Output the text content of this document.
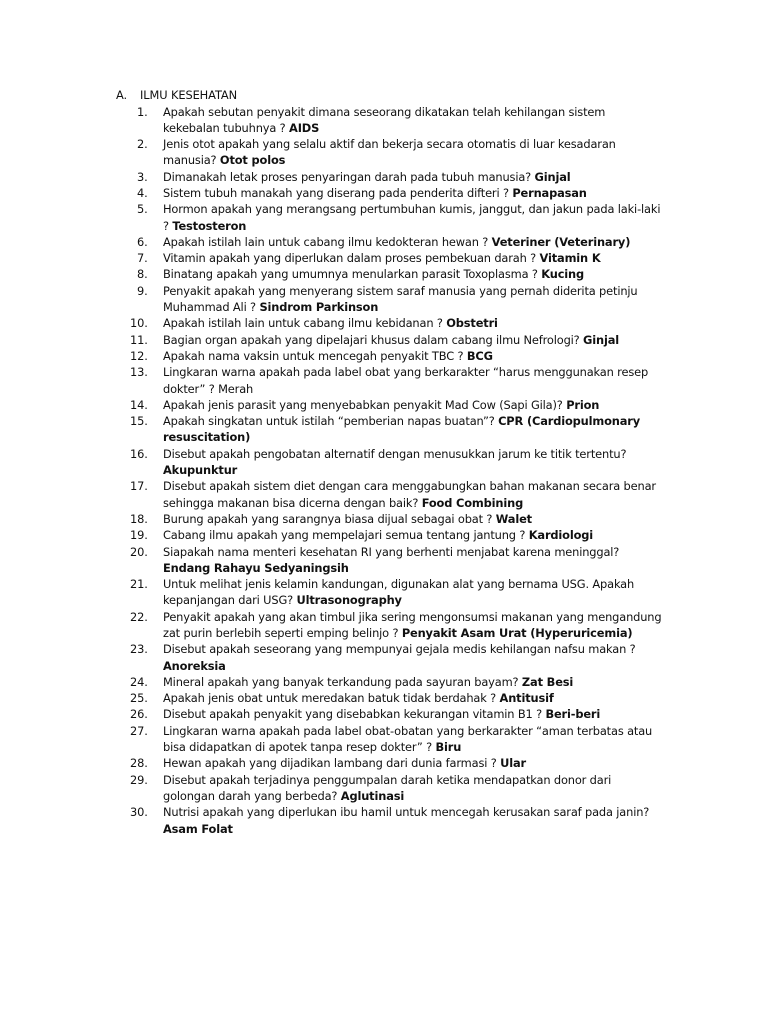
A. ILMU KESEHATAN
1.	Apakah sebutan penyakit dimana seseorang dikatakan telah kehilangan sistem
kekebalan tubuhnya ? AIDS
2.	Jenis otot apakah yang selalu aktif dan bekerja secara otomatis di luar kesadaran
manusia? Otot polos
3.	Dimanakah letak proses penyaringan darah pada tubuh manusia? Ginjal
4.	Sistem tubuh manakah yang diserang pada penderita difteri ? Pernapasan
5.	Hormon apakah yang merangsang pertumbuhan kumis, janggut, dan jakun pada laki-laki
? Testosteron
6.	Apakah istilah lain untuk cabang ilmu kedokteran hewan ? Veteriner (Veterinary)
7.	Vitamin apakah yang diperlukan dalam proses pembekuan darah ? Vitamin K
8.	Binatang apakah yang umumnya menularkan parasit Toxoplasma ? Kucing
9.	Penyakit apakah yang menyerang sistem saraf manusia yang pernah diderita petinju
Muhammad Ali ? Sindrom Parkinson
10. Apakah istilah lain untuk cabang ilmu kebidanan ? Obstetri
11. Bagian organ apakah yang dipelajari khusus dalam cabang ilmu Nefrologi? Ginjal
12. Apakah nama vaksin untuk mencegah penyakit TBC ? BCG
13. Lingkaran warna apakah pada label obat yang berkarakter “harus menggunakan resep
dokter” ? Merah
14. Apakah jenis parasit yang menyebabkan penyakit Mad Cow (Sapi Gila)? Prion
15. Apakah singkatan untuk istilah “pemberian napas buatan”? CPR (Cardiopulmonary
resuscitation)
16. Disebut apakah pengobatan alternatif dengan menusukkan jarum ke titik tertentu?
Akupunktur
17. Disebut apakah sistem diet dengan cara menggabungkan bahan makanan secara benar
sehingga makanan bisa dicerna dengan baik? Food Combining
18. Burung apakah yang sarangnya biasa dijual sebagai obat ? Walet
19. Cabang ilmu apakah yang mempelajari semua tentang jantung ? Kardiologi
20. Siapakah nama menteri kesehatan RI yang berhenti menjabat karena meninggal?
Endang Rahayu Sedyaningsih
21. Untuk melihat jenis kelamin kandungan, digunakan alat yang bernama USG. Apakah
kepanjangan dari USG? Ultrasonography
22. Penyakit apakah yang akan timbul jika sering mengonsumsi makanan yang mengandung
zat purin berlebih seperti emping belinjo ? Penyakit Asam Urat (Hyperuricemia)
23. Disebut apakah seseorang yang mempunyai gejala medis kehilangan nafsu makan ?
Anoreksia
24. Mineral apakah yang banyak terkandung pada sayuran bayam? Zat Besi
25. Apakah jenis obat untuk meredakan batuk tidak berdahak ? Antitusif
26. Disebut apakah penyakit yang disebabkan kekurangan vitamin B1 ? Beri-beri
27. Lingkaran warna apakah pada label obat-obatan yang berkarakter “aman terbatas atau
bisa didapatkan di apotek tanpa resep dokter” ? Biru
28. Hewan apakah yang dijadikan lambang dari dunia farmasi ? Ular
29. Disebut apakah terjadinya penggumpalan darah ketika mendapatkan donor dari
golongan darah yang berbeda? Aglutinasi
30. Nutrisi apakah yang diperlukan ibu hamil untuk mencegah kerusakan saraf pada janin?
Asam Folat
